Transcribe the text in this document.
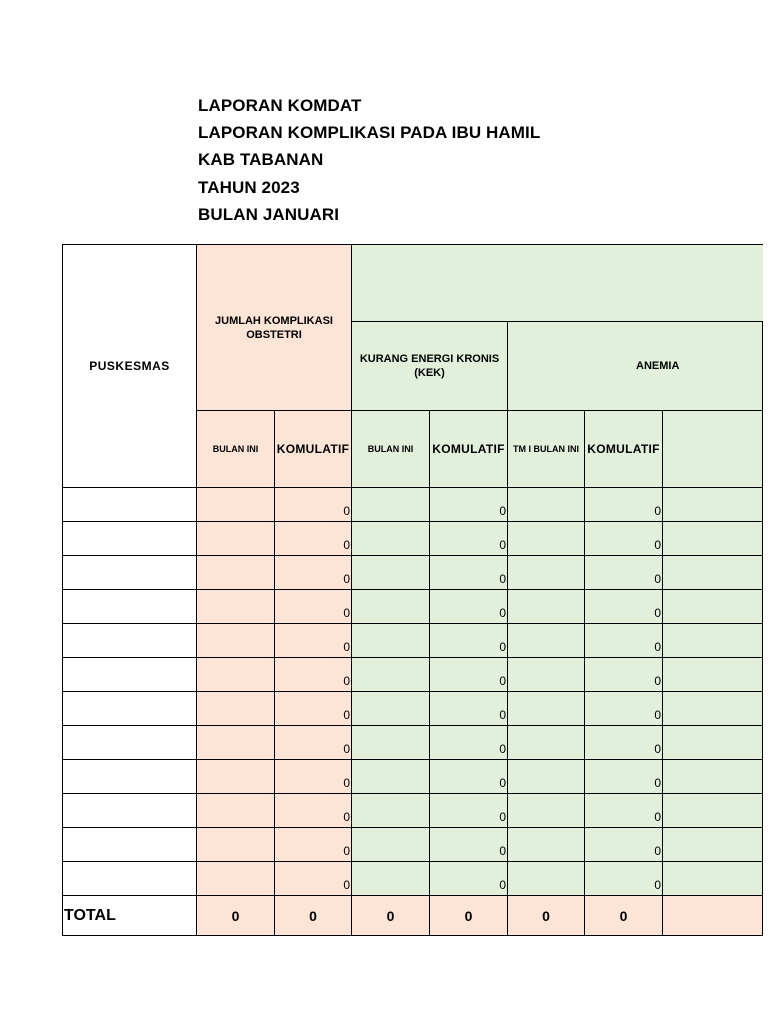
LAPORAN KOMDAT
LAPORAN KOMPLIKASI PADA IBU HAMIL
KAB TABANAN
TAHUN 2023
BULAN JANUARI
PUSKESMAS	JUMLAH KOMPLIKASI OBSTETRI						
			KURANG ENERGI KRONIS (KEK)		ANEMIA		
	BULAN INI	KOMULATIF	BULAN INI	KOMULATIF	TM I BULAN INI	KOMULATIF	
		0		0		0	
		0		0		0	
		0		0		0	
		0		0		0	
		0		0		0	
		0		0		0	
		0		0		0	
		0		0		0	
		0		0		0	
		0		0		0	
		0		0		0	
		0		0		0	
TOTAL	0	0	0	0	0	0	
